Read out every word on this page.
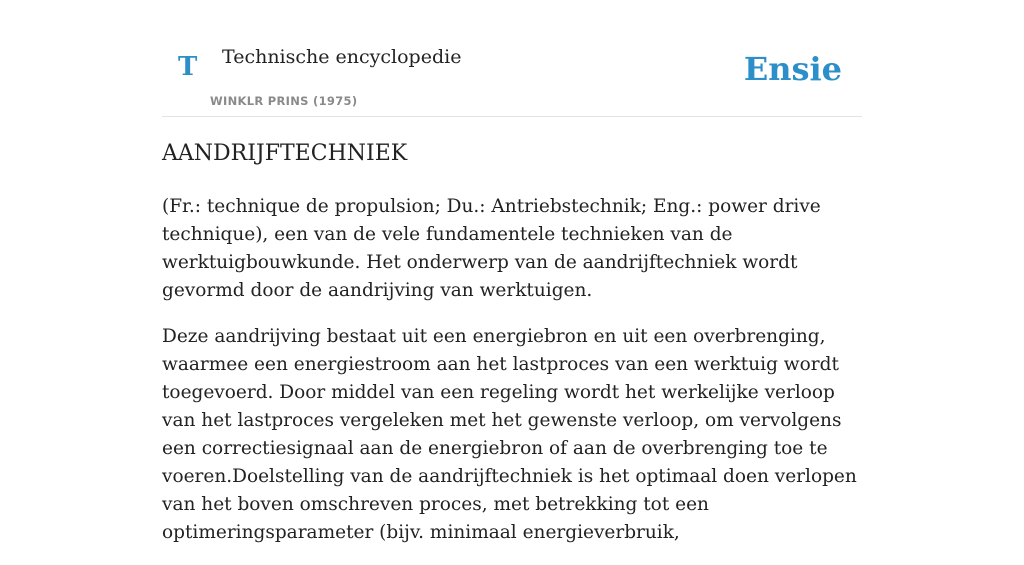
T Technische encyclopedie
WINKLR PRINS (1975)
Ensie
AANDRIJFTECHNIEK

(Fr.: technique de propulsion; Du.: Antriebstechnik; Eng.: power drive technique), een van de vele fundamentele technieken van de werktuigbouwkunde. Het onderwerp van de aandrijftechniek wordt gevormd door de aandrijving van werktuigen.

Deze aandrijving bestaat uit een energiebron en uit een overbrenging, waarmee een energiestroom aan het lastproces van een werktuig wordt toegevoerd. Door middel van een regeling wordt het werkelijke verloop van het lastproces vergeleken met het gewenste verloop, om vervolgens een correctiesignaal aan de energiebron of aan de overbrenging toe te voeren.Doelstelling van de aandrijftechniek is het optimaal doen verlopen van het boven omschreven proces, met betrekking tot een optimeringsparameter (bijv. minimaal energieverbruik,
